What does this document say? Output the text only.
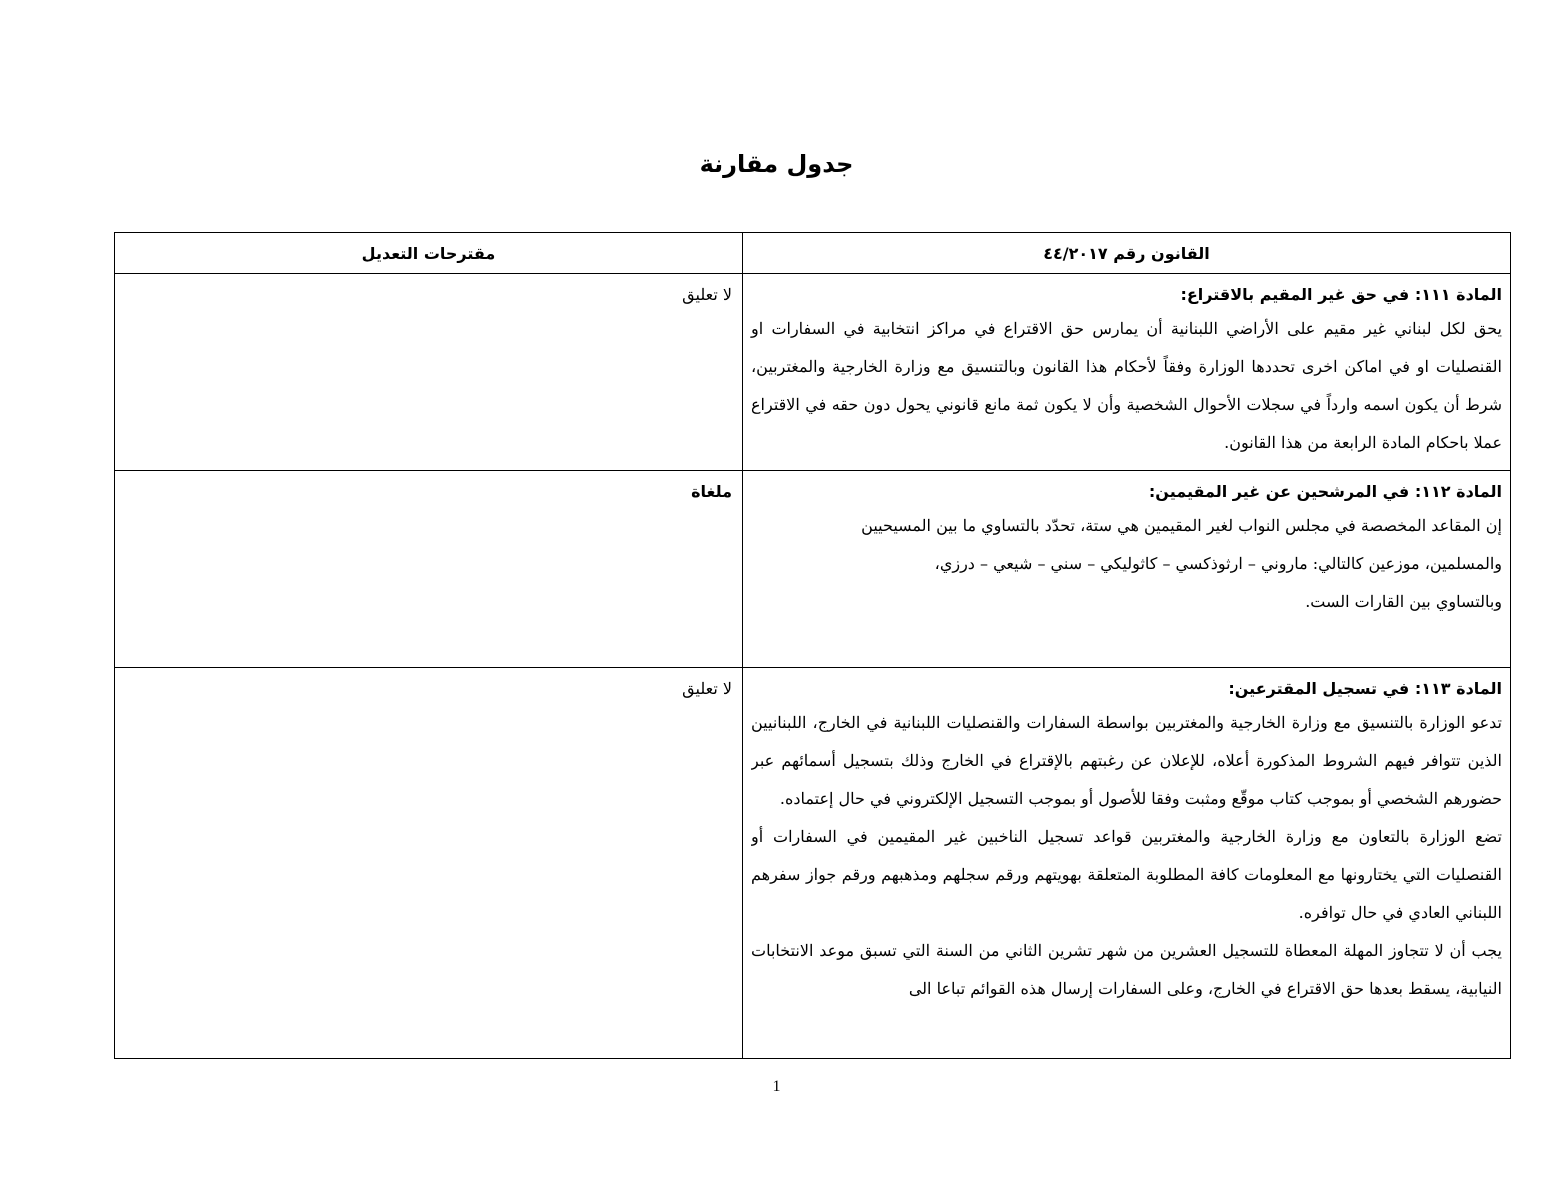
جدول مقارنة
القانون رقم ٤٤/٢٠١٧	مقترحات التعديل

المادة ١١١: في حق غير المقيم بالاقتراع:

يحق لكل لبناني غير مقيم على الأراضي اللبنانية أن يمارس حق الاقتراع في مراكز انتخابية في السفارات او القنصليات او في اماكن اخرى تحددها الوزارة وفقاً لأحكام هذا القانون وبالتنسيق مع وزارة الخارجية والمغتربين، شرط أن يكون اسمه وارداً في سجلات الأحوال الشخصية وأن لا يكون ثمة مانع قانوني يحول دون حقه في الاقتراع عملا باحكام المادة الرابعة من هذا القانون.	لا تعليق

المادة ١١٢: في المرشحين عن غير المقيمين:

إن المقاعد المخصصة في مجلس النواب لغير المقيمين هي ستة، تحدّد بالتساوي ما بين المسيحيين

والمسلمين، موزعين كالتالي: ماروني – ارثوذكسي – كاثوليكي – سني – شيعي – درزي،

وبالتساوي بين القارات الست.	ملغاة

المادة ١١٣: في تسجيل المقترعين:

تدعو الوزارة بالتنسيق مع وزارة الخارجية والمغتربين بواسطة السفارات والقنصليات اللبنانية في الخارج، اللبنانيين الذين تتوافر فيهم الشروط المذكورة أعلاه، للإعلان عن رغبتهم بالإقتراع في الخارج وذلك بتسجيل أسمائهم عبر حضورهم الشخصي أو بموجب كتاب موقّع ومثبت وفقا للأصول أو بموجب التسجيل الإلكتروني في حال إعتماده.

تضع الوزارة بالتعاون مع وزارة الخارجية والمغتربين قواعد تسجيل الناخبين غير المقيمين في السفارات أو القنصليات التي يختارونها مع المعلومات كافة المطلوبة المتعلقة بهويتهم ورقم سجلهم ومذهبهم ورقم جواز سفرهم اللبناني العادي في حال توافره.

يجب أن لا تتجاوز المهلة المعطاة للتسجيل العشرين من شهر تشرين الثاني من السنة التي تسبق موعد الانتخابات النيابية، يسقط بعدها حق الاقتراع في الخارج، وعلى السفارات إرسال هذه القوائم تباعا الى	لا تعليق
1
